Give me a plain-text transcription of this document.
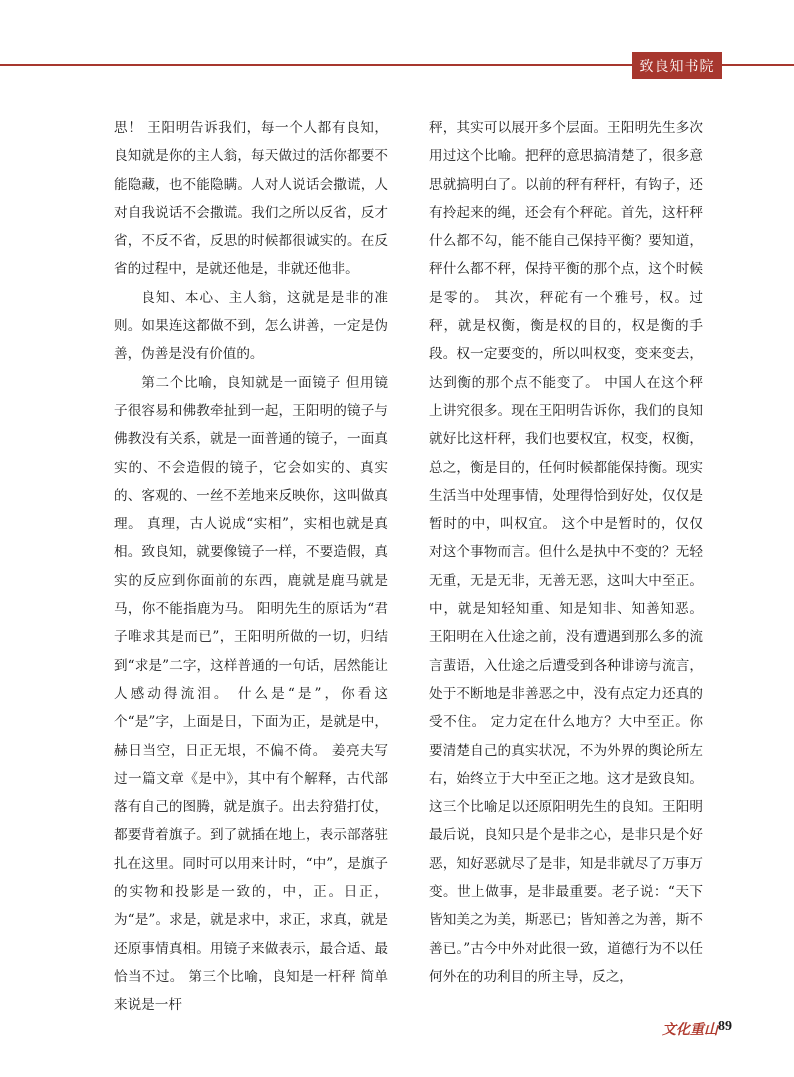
致良知书院

思！ 王阳明告诉我们，每一个人都有良知，良知就是你的主人翁，每天做过的活你都要不能隐藏，也不能隐瞒。人对人说话会撒谎，人对自我说话不会撒谎。我们之所以反省，反才省，不反不省，反思的时候都很诚实的。在反省的过程中，是就还他是，非就还他非。

良知、本心、主人翁，这就是是非的准则。如果连这都做不到，怎么讲善，一定是伪善，伪善是没有价值的。

第二个比喻，良知就是一面镜子 但用镜子很容易和佛教牵扯到一起，王阳明的镜子与佛教没有关系，就是一面普通的镜子，一面真实的、不会造假的镜子，它会如实的、真实的、客观的、一丝不差地来反映你，这叫做真理。 真理，古人说成“实相”，实相也就是真相。致良知，就要像镜子一样，不要造假，真实的反应到你面前的东西，鹿就是鹿马就是马，你不能指鹿为马。 阳明先生的原话为“君子唯求其是而已”，王阳明所做的一切，归结到“求是”二字，这样普通的一句话，居然能让人感动得流泪。 什么是“是”，你看这个“是”字，上面是日，下面为正，是就是中，赫日当空，日正无垠，不偏不倚。 姜亮夫写过一篇文章《是中》，其中有个解释，古代部落有自己的图腾，就是旗子。出去狩猎打仗，都要背着旗子。到了就插在地上，表示部落驻扎在这里。同时可以用来计时，“中”，是旗子的实物和投影是一致的，中，正。日正，为“是”。求是，就是求中，求正，求真，就是还原事情真相。用镜子来做表示，最合适、最恰当不过。 第三个比喻，良知是一杆秤 简单来说是一杆

秤，其实可以展开多个层面。王阳明先生多次用过这个比喻。把秤的意思搞清楚了，很多意思就搞明白了。以前的秤有秤杆，有钩子，还有拎起来的绳，还会有个秤砣。首先，这杆秤什么都不勾，能不能自己保持平衡？要知道，秤什么都不秤，保持平衡的那个点，这个时候是零的。 其次，秤砣有一个雅号，权。过秤，就是权衡，衡是权的目的，权是衡的手段。权一定要变的，所以叫权变，变来变去，达到衡的那个点不能变了。 中国人在这个秤上讲究很多。现在王阳明告诉你，我们的良知就好比这杆秤，我们也要权宜，权变，权衡，总之，衡是目的，任何时候都能保持衡。现实生活当中处理事情，处理得恰到好处，仅仅是暂时的中，叫权宜。 这个中是暂时的，仅仅对这个事物而言。但什么是执中不变的？无轻无重，无是无非，无善无恶，这叫大中至正。中，就是知轻知重、知是知非、知善知恶。 王阳明在入仕途之前，没有遭遇到那么多的流言蜚语，入仕途之后遭受到各种诽谤与流言，处于不断地是非善恶之中，没有点定力还真的受不住。 定力定在什么地方？大中至正。你要清楚自己的真实状况，不为外界的舆论所左右，始终立于大中至正之地。这才是致良知。 这三个比喻足以还原阳明先生的良知。王阳明最后说，良知只是个是非之心，是非只是个好恶，知好恶就尽了是非，知是非就尽了万事万变。世上做事，是非最重要。老子说：“天下皆知美之为美，斯恶已；皆知善之为善，斯不善已。”古今中外对此很一致，道德行为不以任何外在的功利目的所主导，反之，

文化重山 89
